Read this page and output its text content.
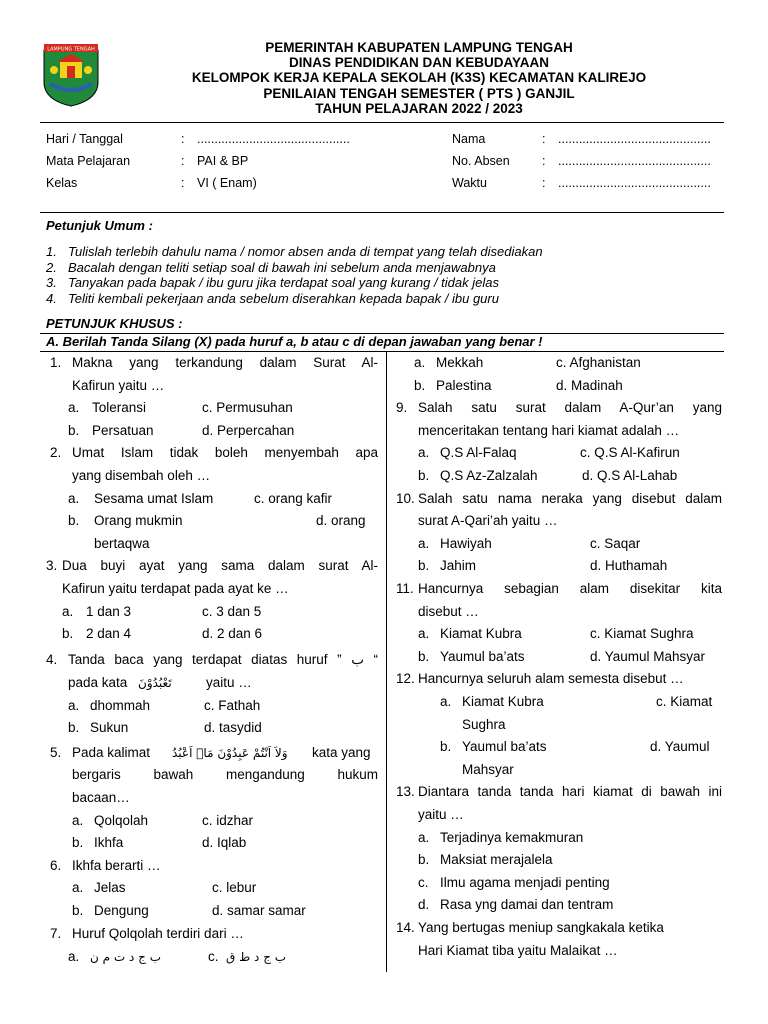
LAMPUNG TENGAH	PEMERINTAH KABUPATEN LAMPUNG TENGAH
DINAS PENDIDIKAN DAN KEBUDAYAAN
KELOMPOK KERJA KEPALA SEKOLAH (K3S) KECAMATAN KALIREJO
PENILAIAN TENGAH SEMESTER ( PTS ) GANJIL
TAHUN PELAJARAN 2022 / 2023
Hari / Tanggal	:	............................................
Mata Pelajaran	:	PAI & BP
Kelas	:	VI ( Enam)
Nama	:	............................................
No. Absen	:	............................................
Waktu	:	............................................
Petunjuk Umum :
1. Tulislah terlebih dahulu nama / nomor absen anda di tempat yang telah disediakan
2. Bacalah dengan teliti setiap soal di bawah ini sebelum anda menjawabnya
3. Tanyakan pada bapak / ibu guru jika terdapat soal yang kurang / tidak jelas
4. Teliti kembali pekerjaan anda sebelum diserahkan kepada bapak / ibu guru
PETUNJUK KHUSUS :
A. Berilah Tanda Silang (X) pada huruf a, b atau c di depan jawaban yang benar !
1. Makna yang terkandung dalam Surat Al-
Kafirun yaitu …
a. Toleransi	c. Permusuhan
b. Persatuan	d. Perpercahan
2. Umat Islam tidak boleh menyembah apa
yang disembah oleh …
a. Sesama umat Islam	c. orang kafir
b. Orang mukmin	d. orang
bertaqwa
3. Dua buyi ayat yang sama dalam surat Al-
Kafirun yaitu terdapat pada ayat ke …
a. 1 dan 3	c. 3 dan 5
b. 2 dan 4	d. 2 dan 6
4. Tanda baca yang terdapat diatas huruf ” ب “
pada kata تَعْبُدُوْنَ	yaitu …
a. dhommah	c. Fathah
b. Sukun	d. tasydid
5. Pada kalimat وَلاَ اَنْتُمْ عَبِدُوْنَ مَاۤ اَعْبُدُ kata yang
bergaris bawah mengandung hukum
bacaan…
a. Qolqolah	c. idzhar
b. Ikhfa	d. Iqlab
6. Ikhfa berarti …
a. Jelas	c. lebur
b. Dengung	d. samar samar
7. Huruf Qolqolah terdiri dari …
a. ب ج د ت م ن	c. ب ج د ط ق
a. Mekkah	c. Afghanistan
b. Palestina	d. Madinah
9. Salah satu surat dalam A-Qur’an yang
menceritakan tentang hari kiamat adalah …
a. Q.S Al-Falaq	c. Q.S Al-Kafirun
b. Q.S Az-Zalzalah	d. Q.S Al-Lahab
10. Salah satu nama neraka yang disebut dalam
surat A-Qari’ah yaitu …
a. Hawiyah	c. Saqar
b. Jahim	d. Huthamah
11. Hancurnya sebagian alam disekitar kita
disebut …
a. Kiamat Kubra	c. Kiamat Sughra
b. Yaumul ba’ats	d. Yaumul Mahsyar
12. Hancurnya seluruh alam semesta disebut …
a. Kiamat Kubra	c. Kiamat
Sughra
b. Yaumul ba’ats	d. Yaumul
Mahsyar
13. Diantara tanda tanda hari kiamat di bawah ini
yaitu …
a. Terjadinya kemakmuran
b. Maksiat merajalela
c. Ilmu agama menjadi penting
d. Rasa yng damai dan tentram
14. Yang bertugas meniup sangkakala ketika
Hari Kiamat tiba yaitu Malaikat …
